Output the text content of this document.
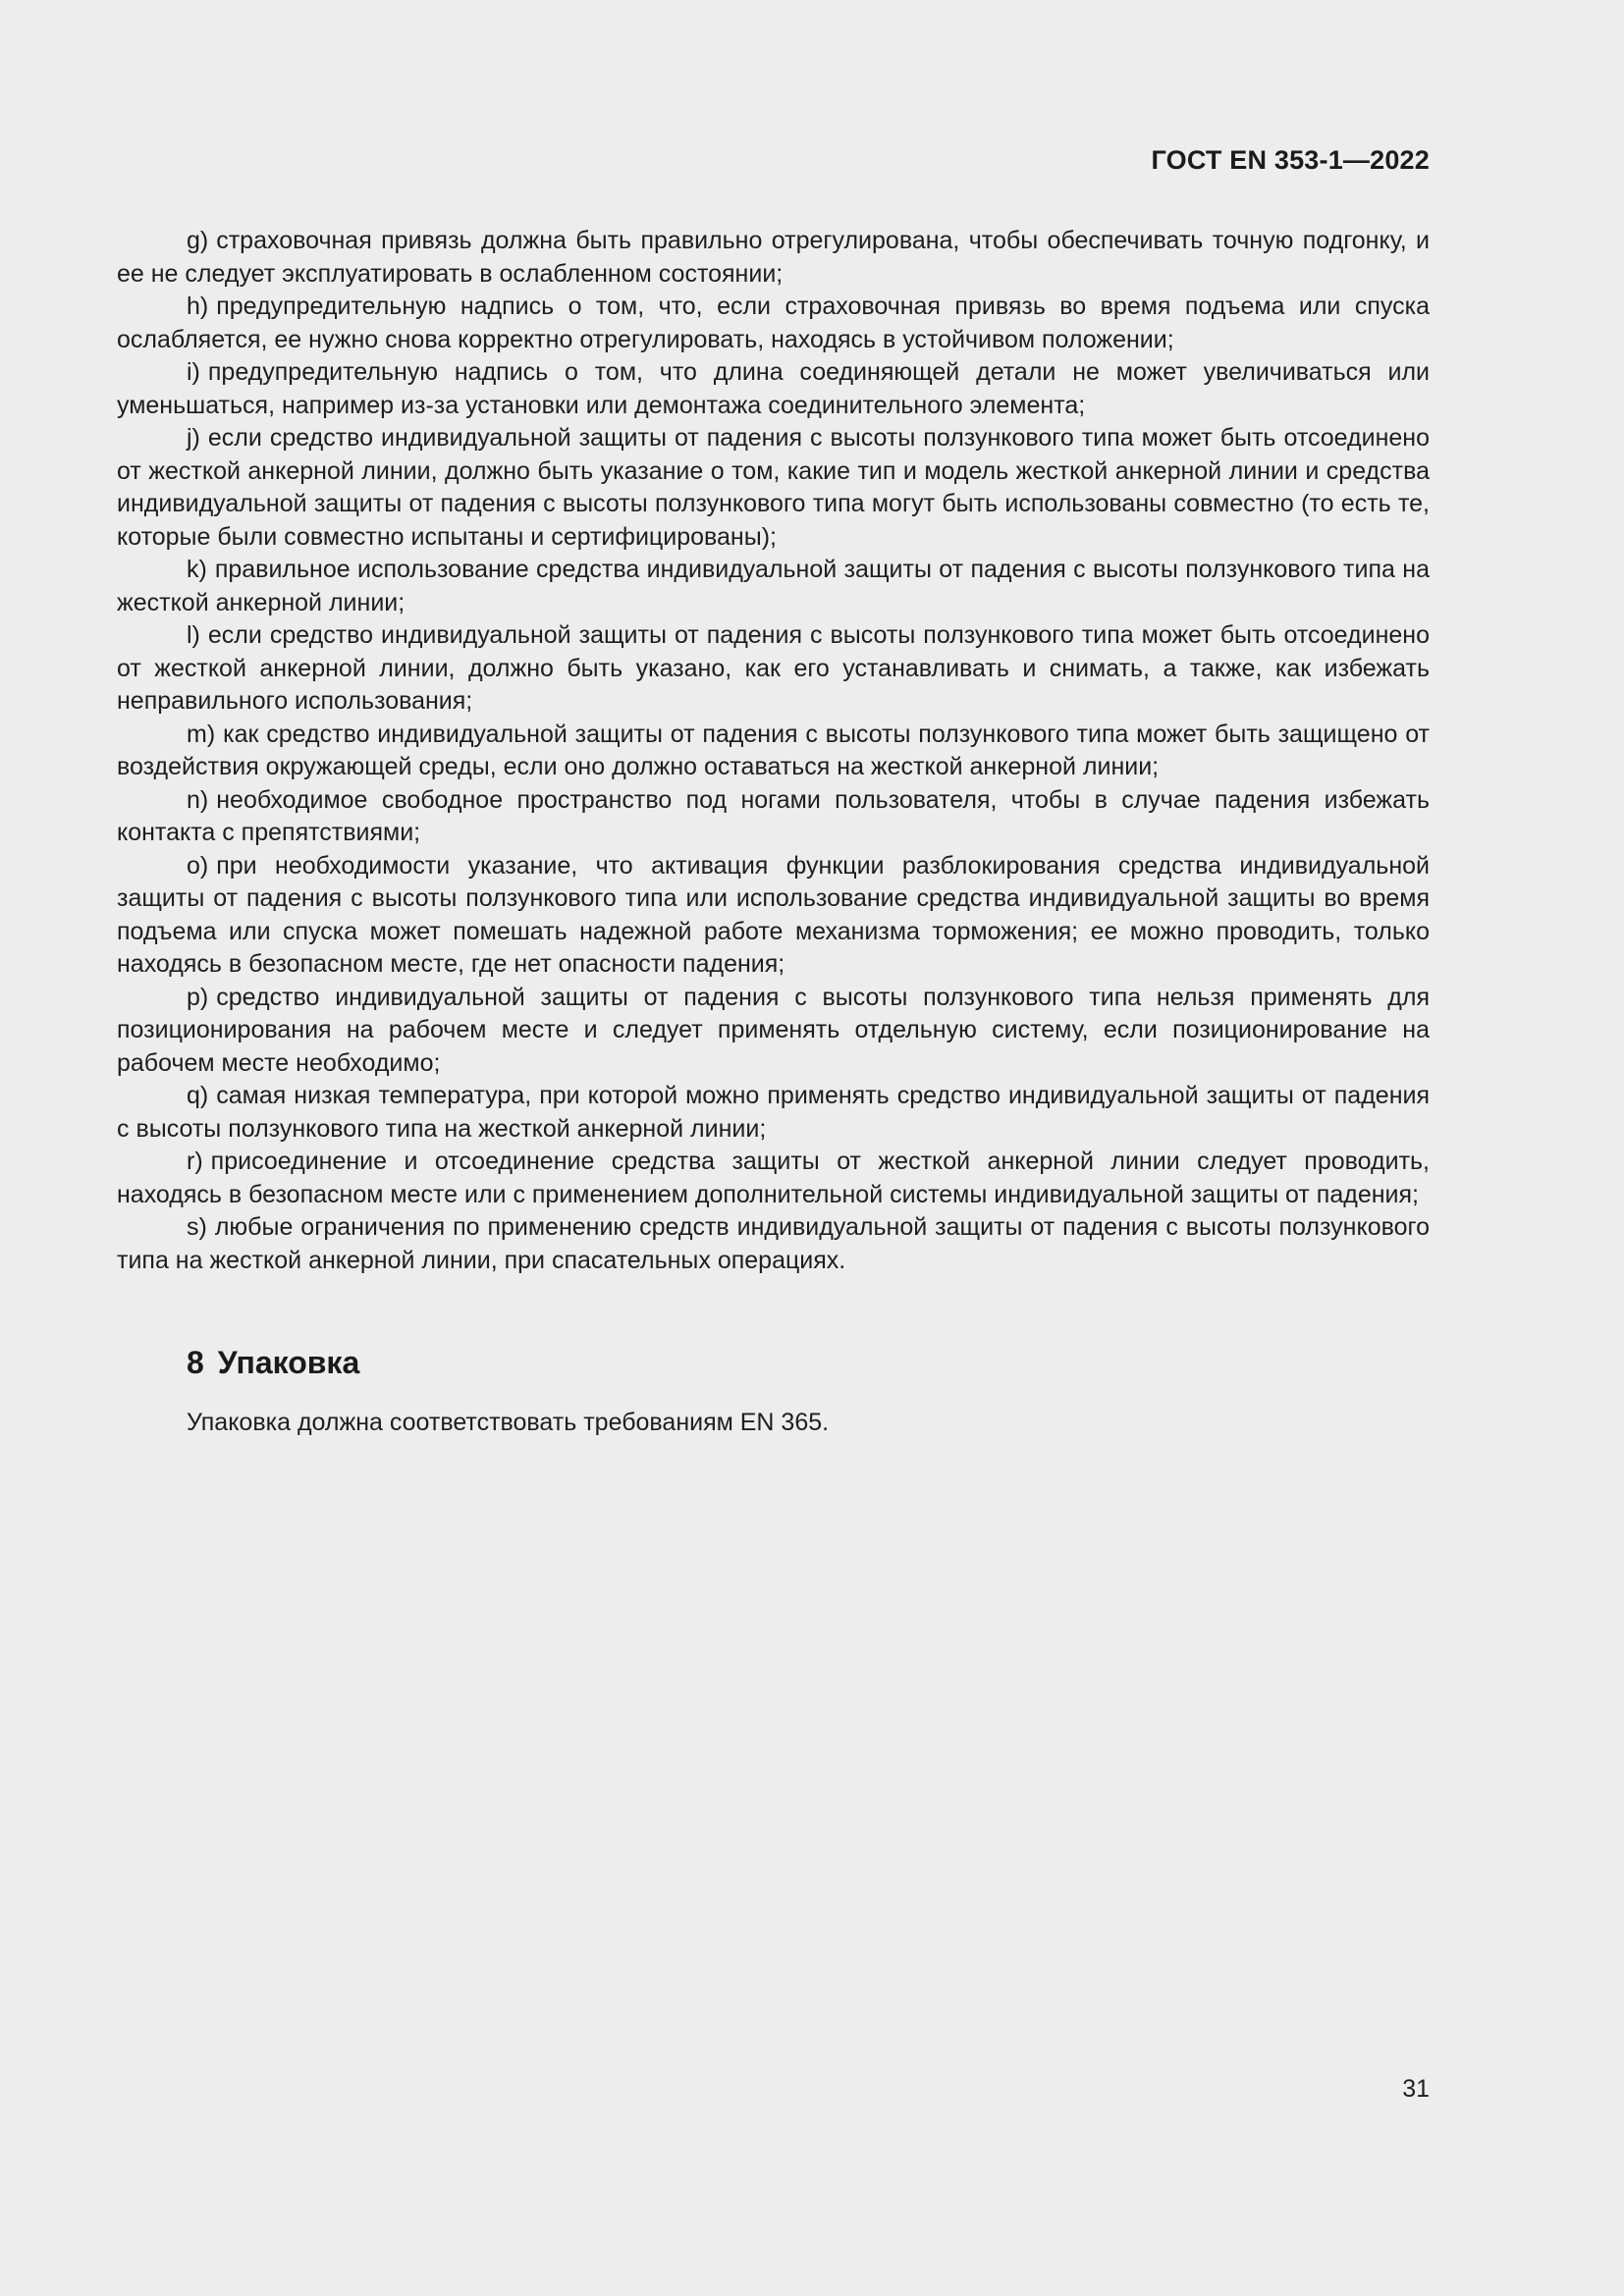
ГОСТ EN 353-1—2022

g) страховочная привязь должна быть правильно отрегулирована, чтобы обеспечивать точную подгонку, и ее не следует эксплуатировать в ослабленном состоянии;

h) предупредительную надпись о том, что, если страховочная привязь во время подъема или спуска ослабляется, ее нужно снова корректно отрегулировать, находясь в устойчивом положении;

i) предупредительную надпись о том, что длина соединяющей детали не может увеличиваться или уменьшаться, например из-за установки или демонтажа соединительного элемента;

j) если средство индивидуальной защиты от падения с высоты ползункового типа может быть отсоединено от жесткой анкерной линии, должно быть указание о том, какие тип и модель жесткой анкерной линии и средства индивидуальной защиты от падения с высоты ползункового типа могут быть использованы совместно (то есть те, которые были совместно испытаны и сертифицированы);

k) правильное использование средства индивидуальной защиты от падения с высоты ползункового типа на жесткой анкерной линии;

l) если средство индивидуальной защиты от падения с высоты ползункового типа может быть отсоединено от жесткой анкерной линии, должно быть указано, как его устанавливать и снимать, а также, как избежать неправильного использования;

m) как средство индивидуальной защиты от падения с высоты ползункового типа может быть защищено от воздействия окружающей среды, если оно должно оставаться на жесткой анкерной линии;

n) необходимое свободное пространство под ногами пользователя, чтобы в случае падения избежать контакта с препятствиями;

o) при необходимости указание, что активация функции разблокирования средства индивидуальной защиты от падения с высоты ползункового типа или использование средства индивидуальной защиты во время подъема или спуска может помешать надежной работе механизма торможения; ее можно проводить, только находясь в безопасном месте, где нет опасности падения;

p) средство индивидуальной защиты от падения с высоты ползункового типа нельзя применять для позиционирования на рабочем месте и следует применять отдельную систему, если позиционирование на рабочем месте необходимо;

q) самая низкая температура, при которой можно применять средство индивидуальной защиты от падения с высоты ползункового типа на жесткой анкерной линии;

r) присоединение и отсоединение средства защиты от жесткой анкерной линии следует проводить, находясь в безопасном месте или с применением дополнительной системы индивидуальной защиты от падения;

s) любые ограничения по применению средств индивидуальной защиты от падения с высоты ползункового типа на жесткой анкерной линии, при спасательных операциях.

8 Упаковка
Упаковка должна соответствовать требованиям EN 365.
31
